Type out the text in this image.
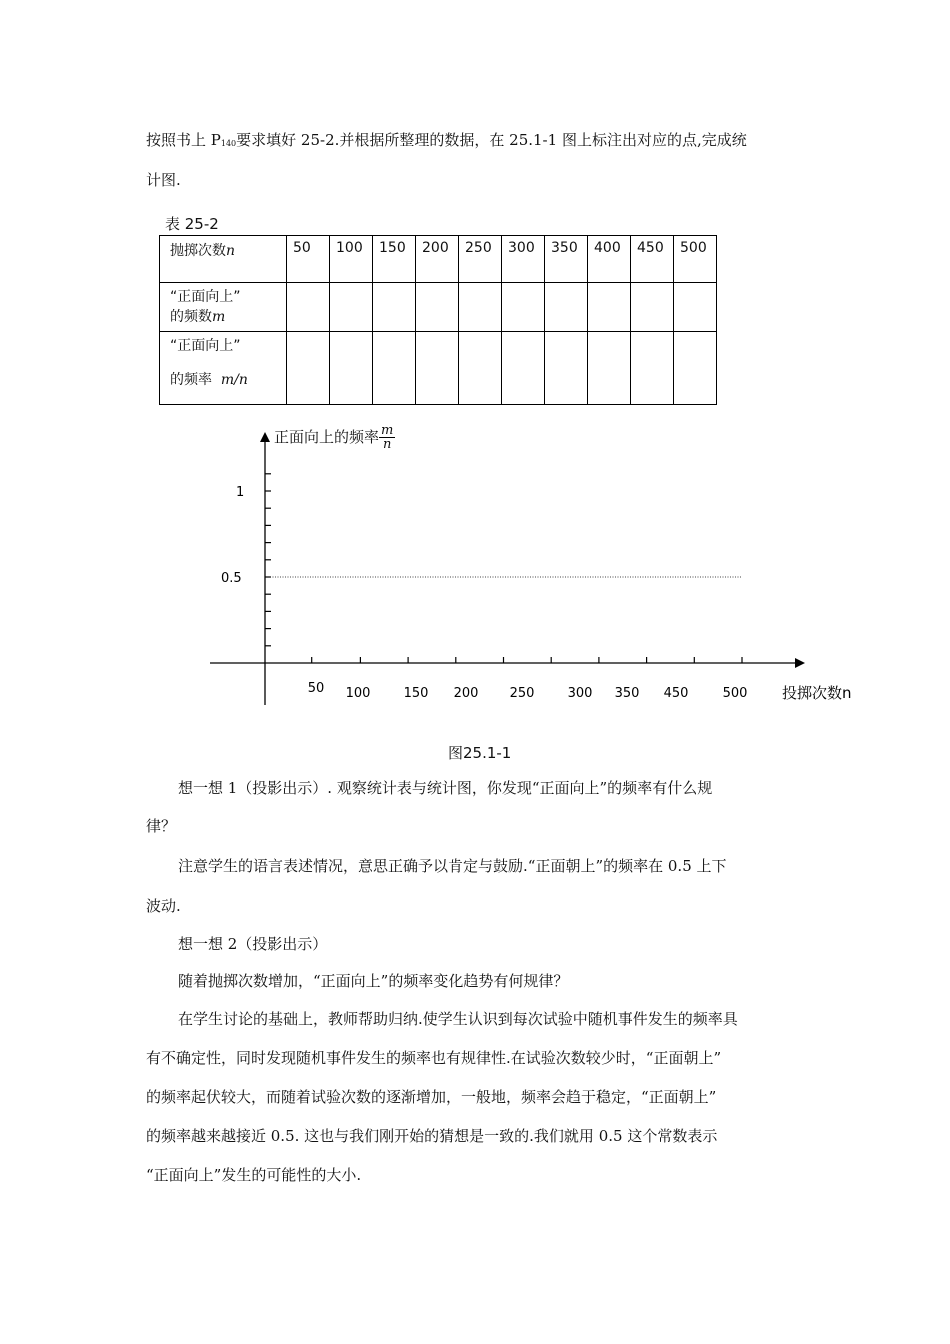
按照书上 $P_{140}$要求填好 25-2.并根据所整理的数据，在 25.1-1 图上标注出对应的点,完成统
计图.
表 25-2
抛掷次数n	50	100	150	200	250	300	350	400	450	500

“正面向上”
的频数m										

“正面向上”
的频率 m/n										

1
0.5
50 100	150 200 250	300 350 450	500 投掷次数n
正面向上的频率 $\frac{m}{n}$
图25.1-1
想一想 1（投影出示）. 观察统计表与统计图，你发现“正面向上”的频率有什么规
律？
注意学生的语言表述情况，意思正确予以肯定与鼓励.“正面朝上”的频率在 0.5 上下
波动.
想一想 2（投影出示）
随着抛掷次数增加，“正面向上”的频率变化趋势有何规律？
在学生讨论的基础上，教师帮助归纳.使学生认识到每次试验中随机事件发生的频率具
有不确定性，同时发现随机事件发生的频率也有规律性.在试验次数较少时，“正面朝上”
的频率起伏较大，而随着试验次数的逐渐增加，一般地，频率会趋于稳定，“正面朝上”
的频率越来越接近 0.5. 这也与我们刚开始的猜想是一致的.我们就用 0.5 这个常数表示
“正面向上”发生的可能性的大小.
